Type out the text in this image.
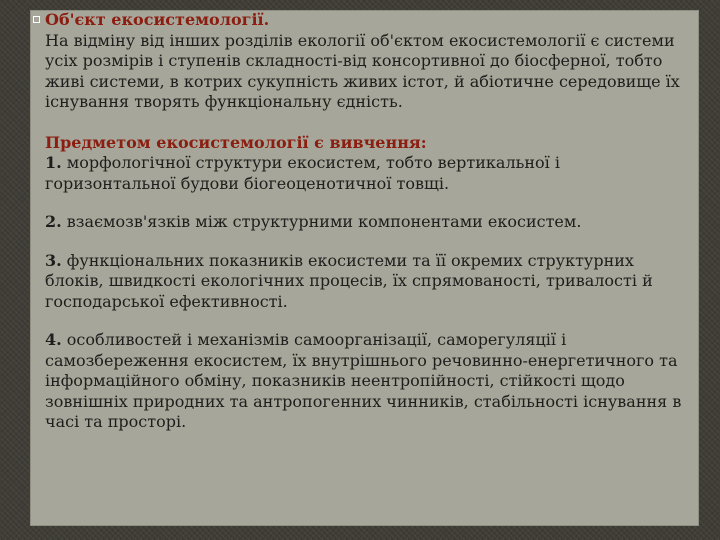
Об'єкт екосистемології.
На відміну від інших розділів екології об'єктом екосистемології є системи усіх розмірів і ступенів складності-від консортивної до біосферної, тобто живі системи, в котрих сукупність живих істот, й абіотичне середовище їх існування творять функціональну єдність.

Предметом екосистемології є вивчення:
1. морфологічної структури екосистем, тобто вертикальної і горизонтальної будови біогеоценотичної товщі.

2. взаємозв'язків між структурними компонентами екосистем.

3. функціональних показників екосистеми та її окремих структурних блоків, швидкості екологічних процесів, їх спрямованості, тривалості й господарської ефективності.

4. особливостей і механізмів самоорганізації, саморегуляції і самозбереження екосистем, їх внутрішнього речовинно-енергетичного та інформаційного обміну, показників неентропійності, стійкості щодо зовнішніх природних та антропогенних чинників, стабільності існування в часі та просторі.
